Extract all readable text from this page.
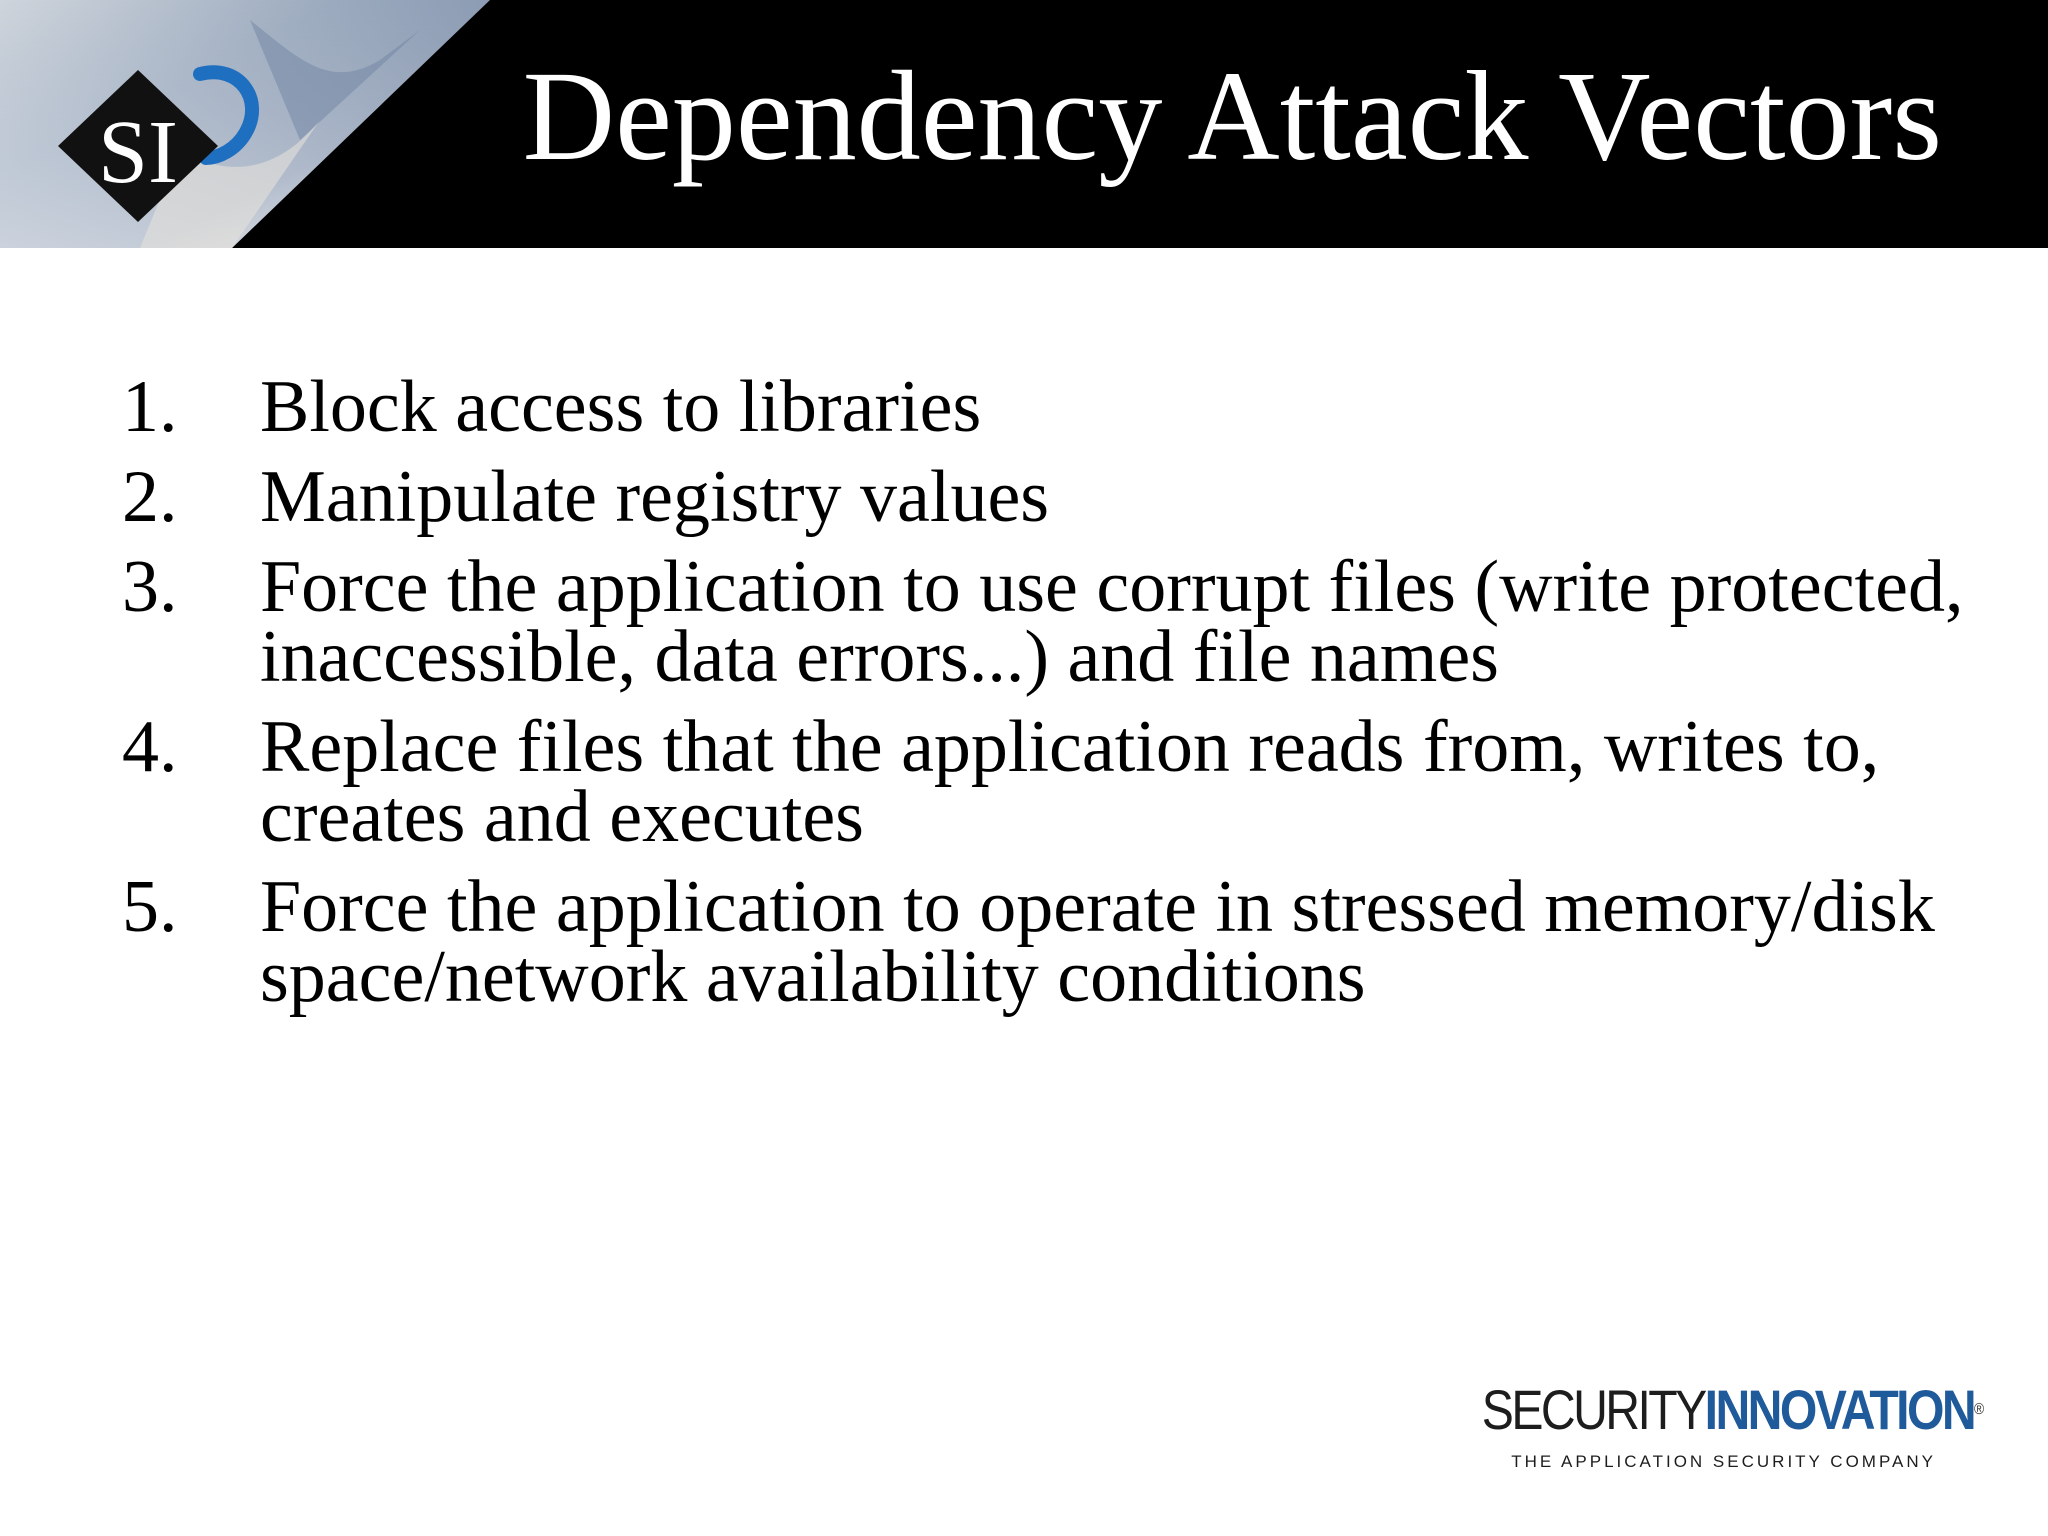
SI	Dependency Attack Vectors
1.	Block access to libraries
2.	Manipulate registry values
3.	Force the application to use corrupt files (write protected, inaccessible, data errors...) and file names
4.	Replace files that the application reads from, writes to, creates and executes
5.	Force the application to operate in stressed memory/disk space/network availability conditions
SECURITYINNOVATION®
THE APPLICATION SECURITY COMPANY
